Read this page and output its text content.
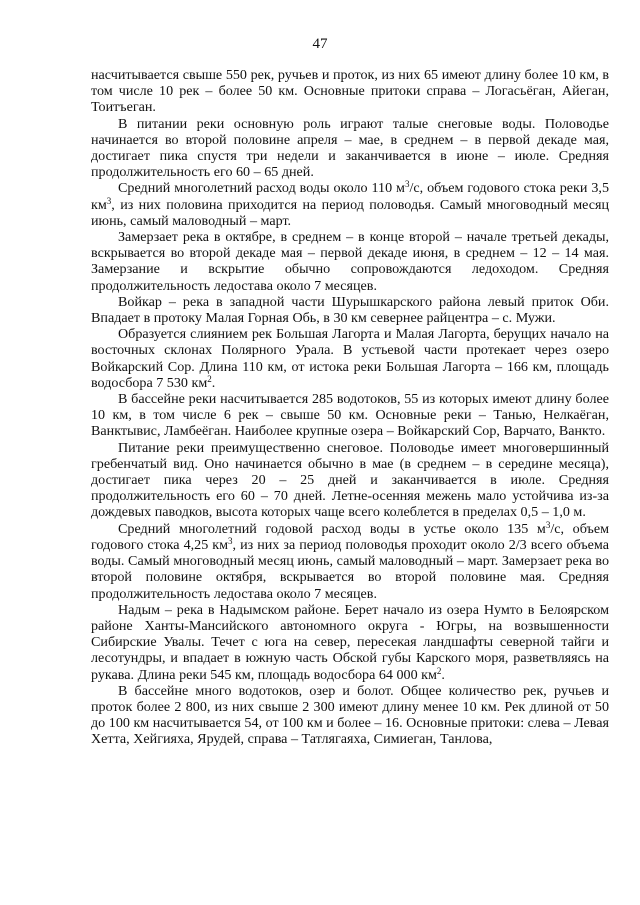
47

насчитывается свыше 550 рек, ручьев и проток, из них 65 имеют длину более 10 км, в том числе 10 рек – более 50 км. Основные притоки справа – Логасьёган, Айеган, Тоитъеган.

В питании реки основную роль играют талые снеговые воды. Половодье начинается во второй половине апреля – мае, в среднем – в первой декаде мая, достигает пика спустя три недели и заканчивается в июне – июле. Средняя продолжительность его 60 – 65 дней.

Средний многолетний расход воды около 110 $м^3/с$, объем годового стока реки 3,5 $км^3$, из них половина приходится на период половодья. Самый многоводный месяц июнь, самый маловодный – март.

Замерзает река в октябре, в среднем – в конце второй – начале третьей декады, вскрывается во второй декаде мая – первой декаде июня, в среднем – 12 – 14 мая. Замерзание и вскрытие обычно сопровождаются ледоходом. Средняя продолжительность ледостава около 7 месяцев.

Войкар – река в западной части Шурышкарского района левый приток Оби. Впадает в протоку Малая Горная Обь, в 30 км севернее райцентра – с. Мужи.

Образуется слиянием рек Большая Лагорта и Малая Лагорта, берущих начало на восточных склонах Полярного Урала. В устьевой части протекает через озеро Войкарский Сор. Длина 110 км, от истока реки Большая Лагорта – 166 км, площадь водосбора 7 530 $км^2$.

В бассейне реки насчитывается 285 водотоков, 55 из которых имеют длину более 10 км, в том числе 6 рек – свыше 50 км. Основные реки – Танью, Нелкаёган, Ванктывис, Ламбеёган. Наиболее крупные озера – Войкарский Сор, Варчато, Ванкто.

Питание реки преимущественно снеговое. Половодье имеет многовершинный гребенчатый вид. Оно начинается обычно в мае (в среднем – в середине месяца), достигает пика через 20 – 25 дней и заканчивается в июле. Средняя продолжительность его 60 – 70 дней. Летне-осенняя межень мало устойчива из-за дождевых паводков, высота которых чаще всего колеблется в пределах 0,5 – 1,0 м.

Средний многолетний годовой расход воды в устье около 135 $м^3/с$, объем годового стока 4,25 $км^3$, из них за период половодья проходит около 2/3 всего объема воды. Самый многоводный месяц июнь, самый маловодный – март. Замерзает река во второй половине октября, вскрывается во второй половине мая. Средняя продолжительность ледостава около 7 месяцев.

Надым – река в Надымском районе. Берет начало из озера Нумто в Белоярском районе Ханты-Мансийского автономного округа - Югры, на возвышенности Сибирские Увалы. Течет с юга на север, пересекая ландшафты северной тайги и лесотундры, и впадает в южную часть Обской губы Карского моря, разветвляясь на рукава. Длина реки 545 км, площадь водосбора 64 000 $км^2$.

В бассейне много водотоков, озер и болот. Общее количество рек, ручьев и проток более 2 800, из них свыше 2 300 имеют длину менее 10 км. Рек длиной от 50 до 100 км насчитывается 54, от 100 км и более – 16. Основные притоки: слева – Левая Хетта, Хейгияха, Ярудей, справа – Татлягаяха, Симиеган, Танлова,
